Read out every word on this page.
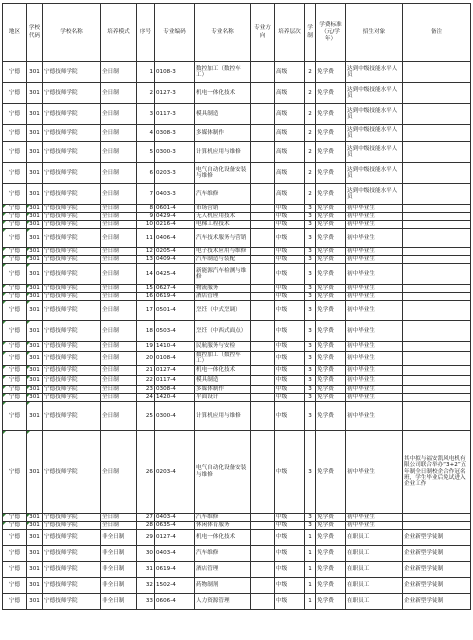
地区	学校代码	学校名称	培养模式	序号	专业编码	专业名称	专业方向	培养层次	学制	学费标准（元/学年）	招生对象	备注
宁德	301	宁德技师学院	全日制	1	0108-3	数控加工（数控车工）		高级	2	免学费	达到中级技能水平人员	
宁德	301	宁德技师学院	全日制	2	0127-3	机电一体化技术		高级	2	免学费	达到中级技能水平人员	
宁德	301	宁德技师学院	全日制	3	0117-3	模具制造		高级	2	免学费	达到中级技能水平人员	
宁德	301	宁德技师学院	全日制	4	0308-3	多媒体制作		高级	2	免学费	达到中级技能水平人员	
宁德	301	宁德技师学院	全日制	5	0300-3	计算机应用与维修		高级	2	免学费	达到中级技能水平人员	
宁德	301	宁德技师学院	全日制	6	0203-3	电气自动化设备安装与维修		高级	2	免学费	达到中级技能水平人员	
宁德	301	宁德技师学院	全日制	7	0403-3	汽车维修		高级	2	免学费	达到中级技能水平人员	
宁德	301	宁德技师学院	全日制	8	0601-4	市场营销		中级	3	免学费	初中毕业生	
宁德	301	宁德技师学院	全日制	9	0429-4	无人机应用技术		中级	3	免学费	初中毕业生	
宁德	301	宁德技师学院	全日制	10	0216-4	电梯工程技术		中级	3	免学费	初中毕业生	
宁德	301	宁德技师学院	全日制	11	0406-4	汽车技术服务与营销		中级	3	免学费	初中毕业生	
宁德	301	宁德技师学院	全日制	12	0205-4	电子技术应用与维修		中级	3	免学费	初中毕业生	
宁德	301	宁德技师学院	全日制	13	0409-4	汽车制造与装配		中级	3	免学费	初中毕业生	
宁德	301	宁德技师学院	全日制	14	0425-4	新能源汽车检测与维修		中级	3	免学费	初中毕业生	
宁德	301	宁德技师学院	全日制	15	0627-4	物流服务		中级	3	免学费	初中毕业生	
宁德	301	宁德技师学院	全日制	16	0619-4	酒店管理		中级	3	免学费	初中毕业生	
宁德	301	宁德技师学院	全日制	17	0501-4	烹饪（中式烹调）		中级	3	免学费	初中毕业生	
宁德	301	宁德技师学院	全日制	18	0503-4	烹饪（中西式面点）		中级	3	免学费	初中毕业生	
宁德	301	宁德技师学院	全日制	19	1410-4	民航服务与安检		中级	3	免学费	初中毕业生	
宁德	301	宁德技师学院	全日制	20	0108-4	数控加工（数控车工）		中级	3	免学费	初中毕业生	
宁德	301	宁德技师学院	全日制	21	0127-4	机电一体化技术		中级	3	免学费	初中毕业生	
宁德	301	宁德技师学院	全日制	22	0117-4	模具制造		中级	3	免学费	初中毕业生	
宁德	301	宁德技师学院	全日制	23	0308-4	多媒体制作		中级	3	免学费	初中毕业生	
宁德	301	宁德技师学院	全日制	24	1420-4	平面设计		中级	3	免学费	初中毕业生	
宁德	301	宁德技师学院	全日制	25	0300-4	计算机应用与维修		中级	3	免学费	初中毕业生	
宁德	301	宁德技师学院	全日制	26	0203-4	电气自动化设备安装与维修		中级	3	免学费	初中毕业生	其中拟与福安凯风电机有限公司联合举办“3+2”五年制全日制校企合作冠名班，学生毕业后免试进入企业工作
宁德	301	宁德技师学院	全日制	27	0403-4	汽车维修		中级	3	免学费	初中毕业生	
宁德	301	宁德技师学院	全日制	28	0635-4	休闲体育服务		中级	3	免学费	初中毕业生	
宁德	301	宁德技师学院	非全日制	29	0127-4	机电一体化技术		中级	1	免学费	在职员工	企业新型学徒制
宁德	301	宁德技师学院	非全日制	30	0403-4	汽车维修		中级	1	免学费	在职员工	企业新型学徒制
宁德	301	宁德技师学院	非全日制	31	0619-4	酒店管理		中级	1	免学费	在职员工	企业新型学徒制
宁德	301	宁德技师学院	非全日制	32	1502-4	药物制剂		中级	1	免学费	在职员工	企业新型学徒制
宁德	301	宁德技师学院	非全日制	33	0606-4	人力资源管理		中级	1	免学费	在职员工	企业新型学徒制
